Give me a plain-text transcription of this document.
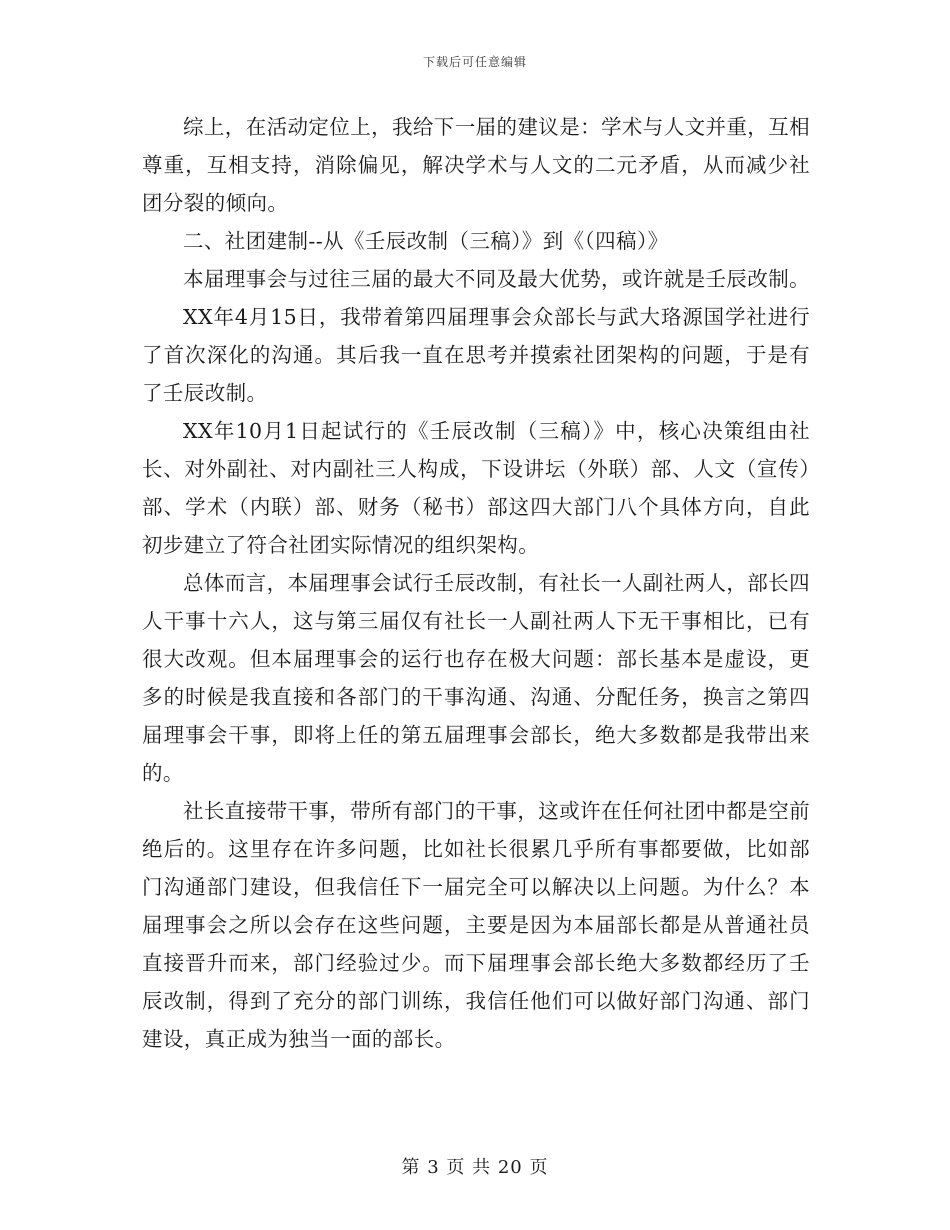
下载后可任意编辑

综上，在活动定位上，我给下一届的建议是：学术与人文并重，互相尊重，互相支持，消除偏见，解决学术与人文的二元矛盾，从而减少社团分裂的倾向。

二、社团建制--从《壬辰改制（三稿）》到《（四稿）》

本届理事会与过往三届的最大不同及最大优势，或许就是壬辰改制。

XX年4月15日，我带着第四届理事会众部长与武大珞源国学社进行了首次深化的沟通。其后我一直在思考并摸索社团架构的问题，于是有了壬辰改制。

XX年10月1日起试行的《壬辰改制（三稿）》中，核心决策组由社长、对外副社、对内副社三人构成，下设讲坛（外联）部、人文（宣传）部、学术（内联）部、财务（秘书）部这四大部门八个具体方向，自此初步建立了符合社团实际情况的组织架构。

总体而言，本届理事会试行壬辰改制，有社长一人副社两人，部长四人干事十六人，这与第三届仅有社长一人副社两人下无干事相比，已有很大改观。但本届理事会的运行也存在极大问题：部长基本是虚设，更多的时候是我直接和各部门的干事沟通、沟通、分配任务，换言之第四届理事会干事，即将上任的第五届理事会部长，绝大多数都是我带出来的。

社长直接带干事，带所有部门的干事，这或许在任何社团中都是空前绝后的。这里存在许多问题，比如社长很累几乎所有事都要做，比如部门沟通部门建设，但我信任下一届完全可以解决以上问题。为什么？本届理事会之所以会存在这些问题，主要是因为本届部长都是从普通社员直接晋升而来，部门经验过少。而下届理事会部长绝大多数都经历了壬辰改制，得到了充分的部门训练，我信任他们可以做好部门沟通、部门建设，真正成为独当一面的部长。

第 3 页 共 20 页
